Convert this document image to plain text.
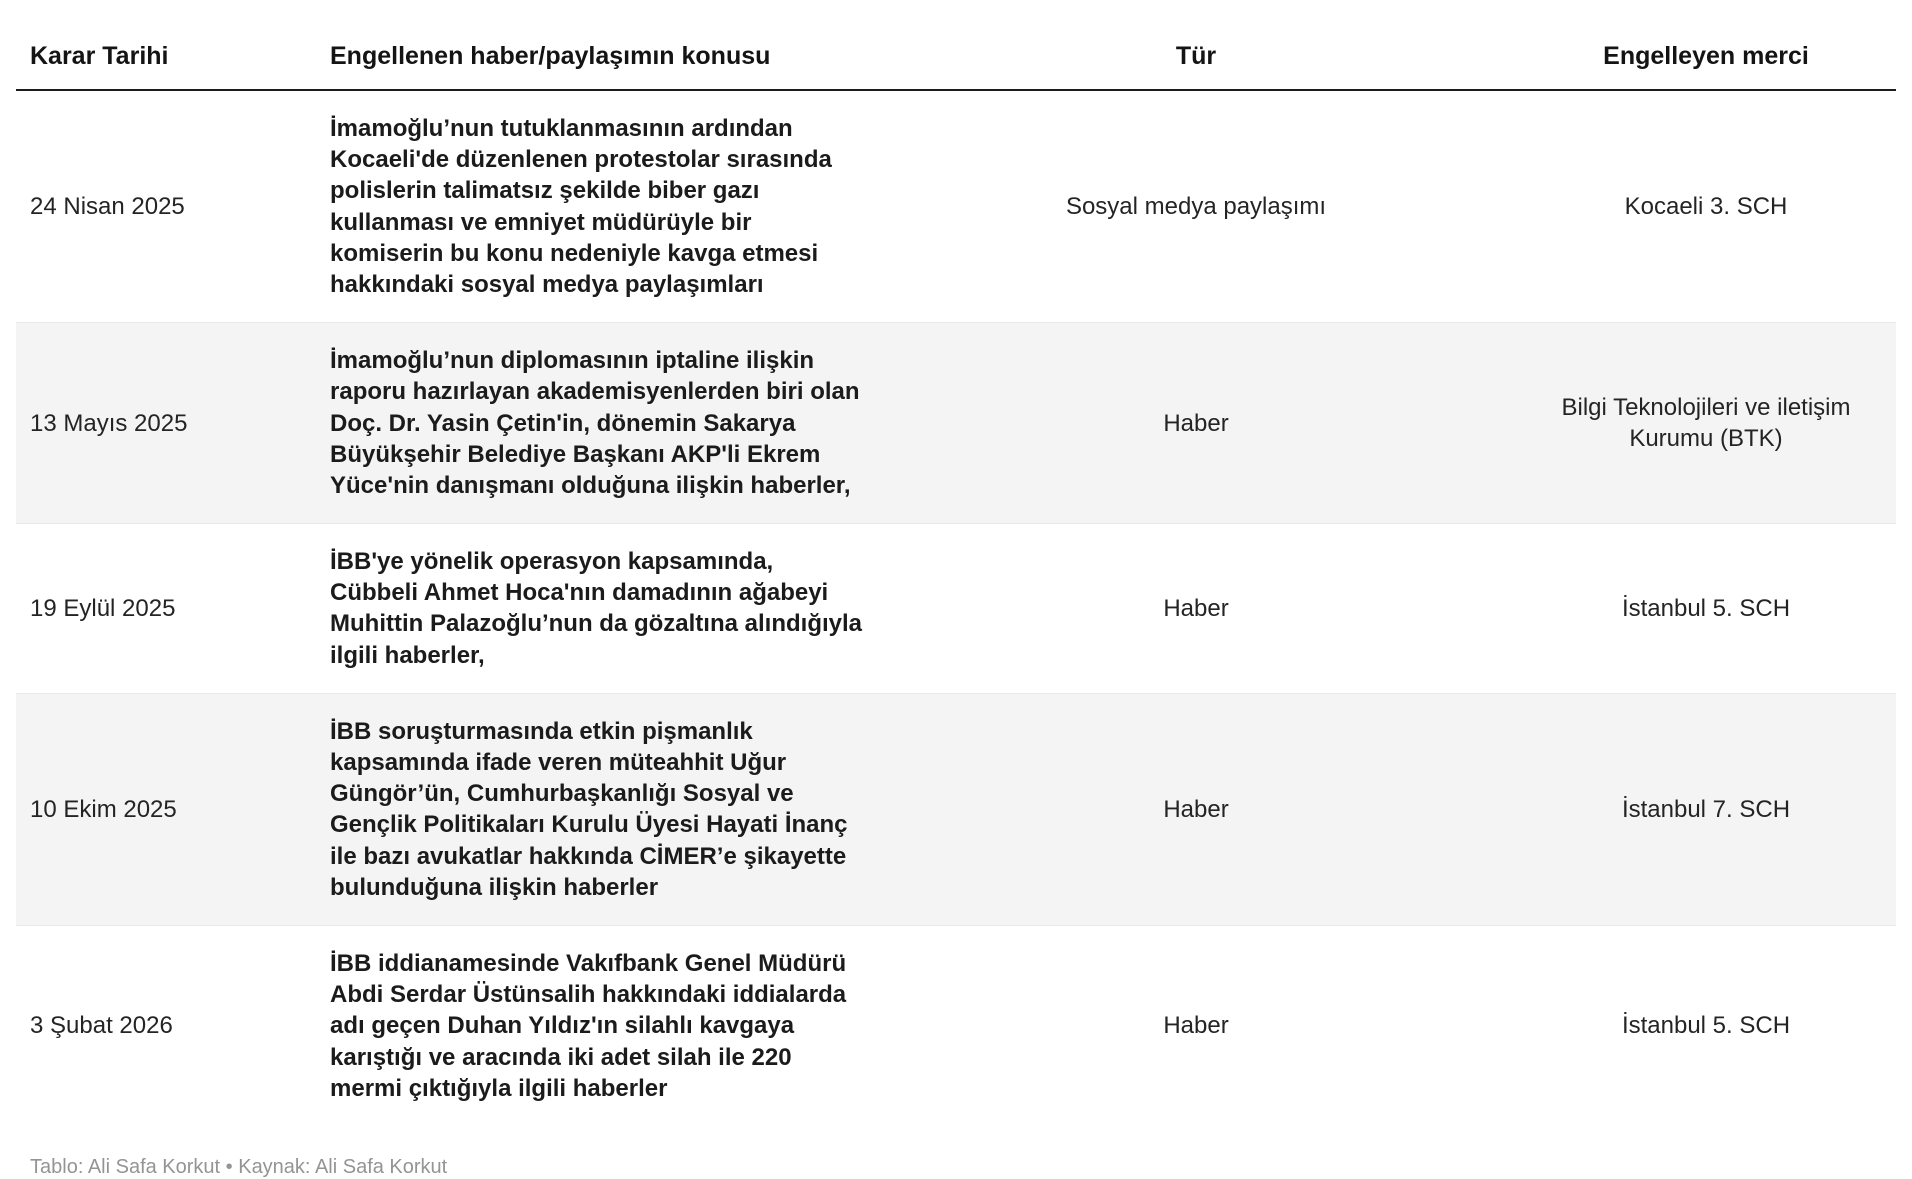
Karar Tarihi	Engellenen haber/paylaşımın konusu	Tür	Engelleyen merci
24 Nisan 2025	İmamoğlu’nun tutuklanmasının ardından Kocaeli'de düzenlenen protestolar sırasında polislerin talimatsız şekilde biber gazı kullanması ve emniyet müdürüyle bir komiserin bu konu nedeniyle kavga etmesi hakkındaki sosyal medya paylaşımları	Sosyal medya paylaşımı	Kocaeli 3. SCH
13 Mayıs 2025	İmamoğlu’nun diplomasının iptaline ilişkin raporu hazırlayan akademisyenlerden biri olan Doç. Dr. Yasin Çetin'in, dönemin Sakarya Büyükşehir Belediye Başkanı AKP'li Ekrem Yüce'nin danışmanı olduğuna ilişkin haberler,	Haber	Bilgi Teknolojileri ve iletişim Kurumu (BTK)
19 Eylül 2025	İBB'ye yönelik operasyon kapsamında, Cübbeli Ahmet Hoca'nın damadının ağabeyi Muhittin Palazoğlu’nun da gözaltına alındığıyla ilgili haberler,	Haber	İstanbul 5. SCH
10 Ekim 2025	İBB soruşturmasında etkin pişmanlık kapsamında ifade veren müteahhit Uğur Güngör’ün, Cumhurbaşkanlığı Sosyal ve Gençlik Politikaları Kurulu Üyesi Hayati İnanç ile bazı avukatlar hakkında CİMER’e şikayette bulunduğuna ilişkin haberler	Haber	İstanbul 7. SCH
3 Şubat 2026	İBB iddianamesinde Vakıfbank Genel Müdürü Abdi Serdar Üstünsalih hakkındaki iddialarda adı geçen Duhan Yıldız'ın silahlı kavgaya karıştığı ve aracında iki adet silah ile 220 mermi çıktığıyla ilgili haberler	Haber	İstanbul 5. SCH
Tablo: Ali Safa Korkut • Kaynak: Ali Safa Korkut
